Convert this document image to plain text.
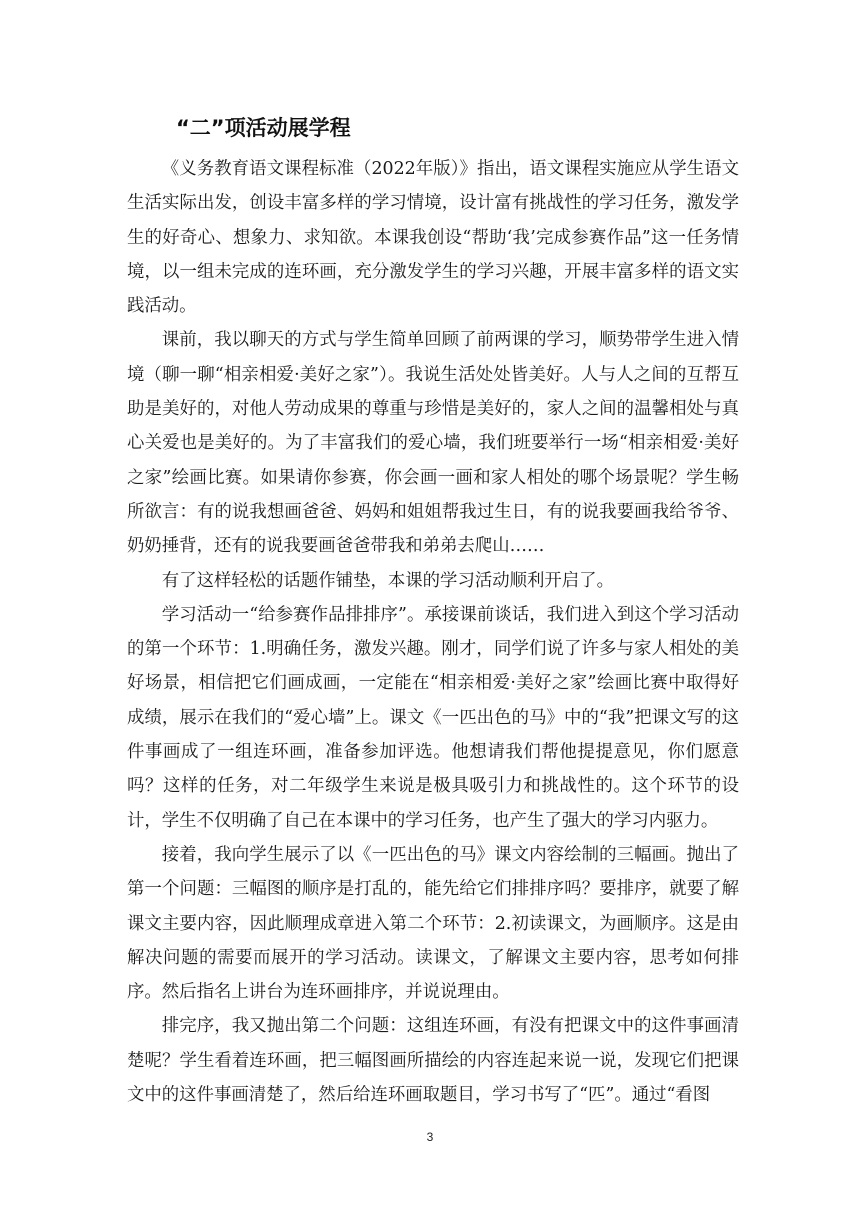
“二”项活动展学程

《义务教育语文课程标准（2022年版）》指出，语文课程实施应从学生语文生活实际出发，创设丰富多样的学习情境，设计富有挑战性的学习任务，激发学生的好奇心、想象力、求知欲。本课我创设“帮助‘我’完成参赛作品”这一任务情境，以一组未完成的连环画，充分激发学生的学习兴趣，开展丰富多样的语文实践活动。

课前，我以聊天的方式与学生简单回顾了前两课的学习，顺势带学生进入情境（聊一聊“相亲相爱·美好之家”）。我说生活处处皆美好。人与人之间的互帮互助是美好的，对他人劳动成果的尊重与珍惜是美好的，家人之间的温馨相处与真心关爱也是美好的。为了丰富我们的爱心墙，我们班要举行一场“相亲相爱·美好之家”绘画比赛。如果请你参赛，你会画一画和家人相处的哪个场景呢？学生畅所欲言：有的说我想画爸爸、妈妈和姐姐帮我过生日，有的说我要画我给爷爷、奶奶捶背，还有的说我要画爸爸带我和弟弟去爬山……

有了这样轻松的话题作铺垫，本课的学习活动顺利开启了。

学习活动一“给参赛作品排排序”。承接课前谈话，我们进入到这个学习活动的第一个环节：1.明确任务，激发兴趣。刚才，同学们说了许多与家人相处的美好场景，相信把它们画成画，一定能在“相亲相爱·美好之家”绘画比赛中取得好成绩，展示在我们的“爱心墙”上。课文《一匹出色的马》中的“我”把课文写的这件事画成了一组连环画，准备参加评选。他想请我们帮他提提意见，你们愿意吗？这样的任务，对二年级学生来说是极具吸引力和挑战性的。这个环节的设计，学生不仅明确了自己在本课中的学习任务，也产生了强大的学习内驱力。

接着，我向学生展示了以《一匹出色的马》课文内容绘制的三幅画。抛出了第一个问题：三幅图的顺序是打乱的，能先给它们排排序吗？要排序，就要了解课文主要内容，因此顺理成章进入第二个环节：2.初读课文，为画顺序。这是由解决问题的需要而展开的学习活动。读课文，了解课文主要内容，思考如何排序。然后指名上讲台为连环画排序，并说说理由。

排完序，我又抛出第二个问题：这组连环画，有没有把课文中的这件事画清楚呢？学生看着连环画，把三幅图画所描绘的内容连起来说一说，发现它们把课文中的这件事画清楚了，然后给连环画取题目，学习书写了“匹”。通过“看图

3
